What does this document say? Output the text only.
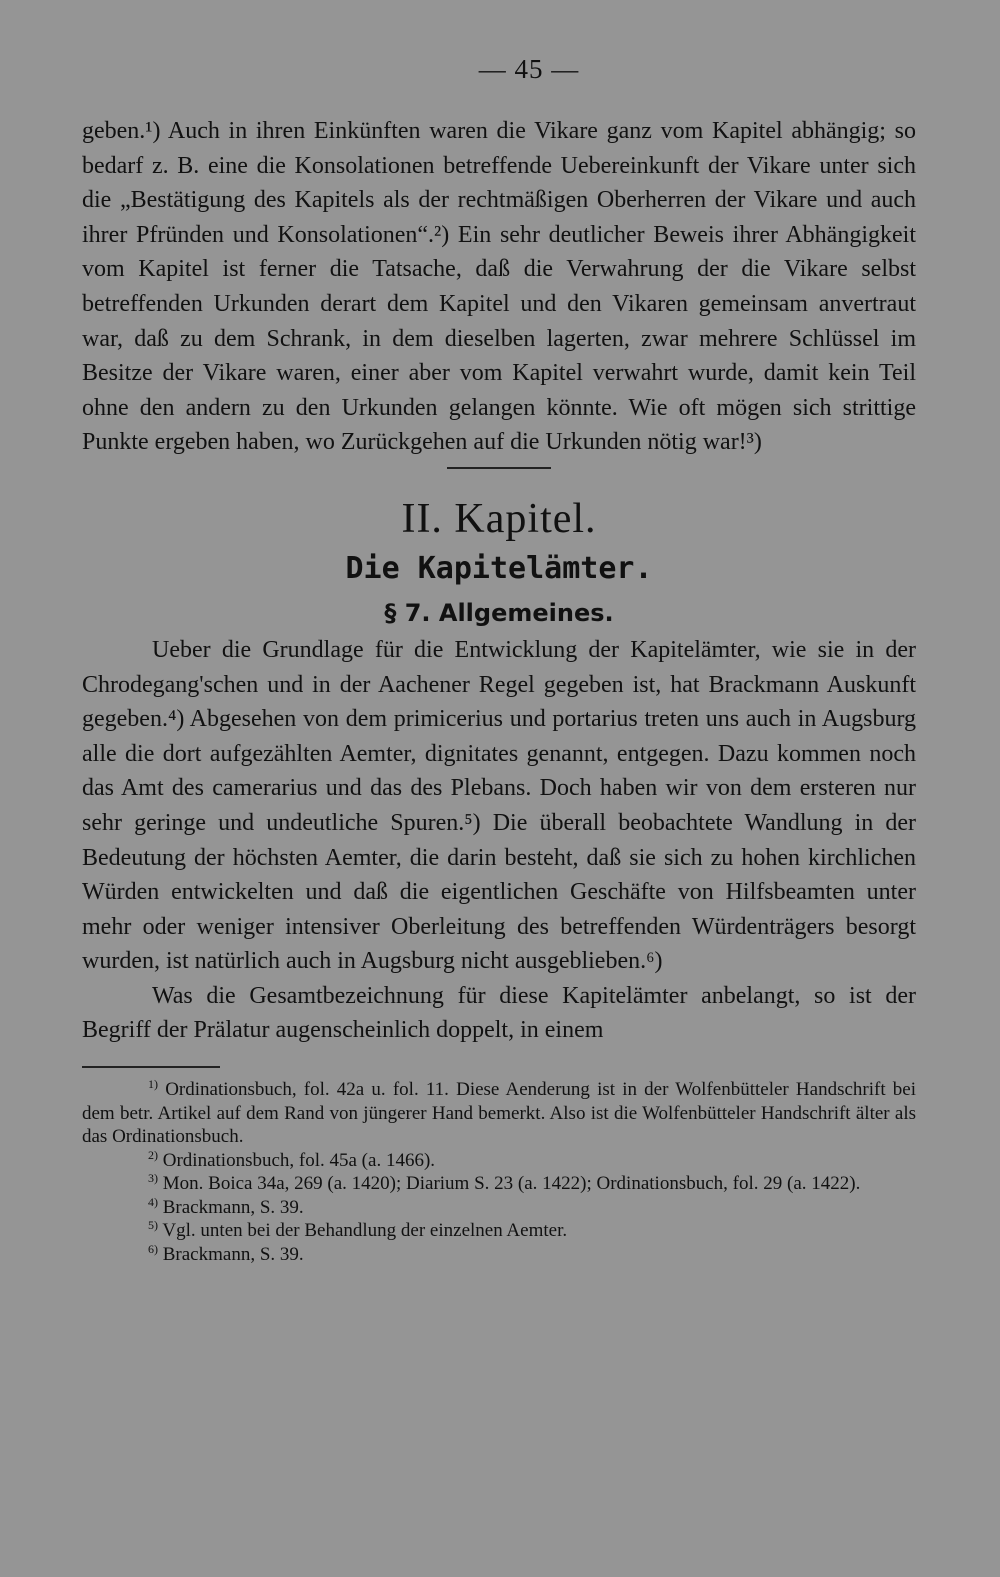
— 45 —

geben.¹) Auch in ihren Einkünften waren die Vikare ganz vom Kapitel abhängig; so bedarf z. B. eine die Konsolationen betreffende Uebereinkunft der Vikare unter sich die „Bestätigung des Kapitels als der rechtmäßigen Oberherren der Vikare und auch ihrer Pfründen und Konsolationen“.²) Ein sehr deutlicher Beweis ihrer Abhängigkeit vom Kapitel ist ferner die Tatsache, daß die Verwahrung der die Vikare selbst betreffenden Urkunden derart dem Kapitel und den Vikaren gemeinsam anvertraut war, daß zu dem Schrank, in dem dieselben lagerten, zwar mehrere Schlüssel im Besitze der Vikare waren, einer aber vom Kapitel verwahrt wurde, damit kein Teil ohne den andern zu den Urkunden gelangen könnte. Wie oft mögen sich strittige Punkte ergeben haben, wo Zurückgehen auf die Urkunden nötig war!³)

II. Kapitel.
Die Kapitelämter.
§ 7. Allgemeines.

Ueber die Grundlage für die Entwicklung der Kapitelämter, wie sie in der Chrodegang'schen und in der Aachener Regel gegeben ist, hat Brackmann Auskunft gegeben.⁴) Abgesehen von dem primicerius und portarius treten uns auch in Augsburg alle die dort aufgezählten Aemter, dignitates genannt, entgegen. Dazu kommen noch das Amt des camerarius und das des Plebans. Doch haben wir von dem ersteren nur sehr geringe und undeutliche Spuren.⁵) Die überall beobachtete Wandlung in der Bedeutung der höchsten Aemter, die darin besteht, daß sie sich zu hohen kirchlichen Würden entwickelten und daß die eigentlichen Geschäfte von Hilfsbeamten unter mehr oder weniger intensiver Oberleitung des betreffenden Würdenträgers besorgt wurden, ist natürlich auch in Augsburg nicht ausgeblieben.⁶)

Was die Gesamtbezeichnung für diese Kapitelämter anbelangt, so ist der Begriff der Prälatur augenscheinlich doppelt, in einem

$^{1)}$ Ordinationsbuch, fol. 42a u. fol. 11. Diese Aenderung ist in der Wolfenbütteler Handschrift bei dem betr. Artikel auf dem Rand von jüngerer Hand bemerkt. Also ist die Wolfenbütteler Handschrift älter als das Ordinationsbuch.

$^{2)}$ Ordinationsbuch, fol. 45a (a. 1466).

$^{3)}$ Mon. Boica 34a, 269 (a. 1420); Diarium S. 23 (a. 1422); Ordinationsbuch, fol. 29 (a. 1422).

$^{4)}$ Brackmann, S. 39.

$^{5)}$ Vgl. unten bei der Behandlung der einzelnen Aemter.

$^{6)}$ Brackmann, S. 39.
